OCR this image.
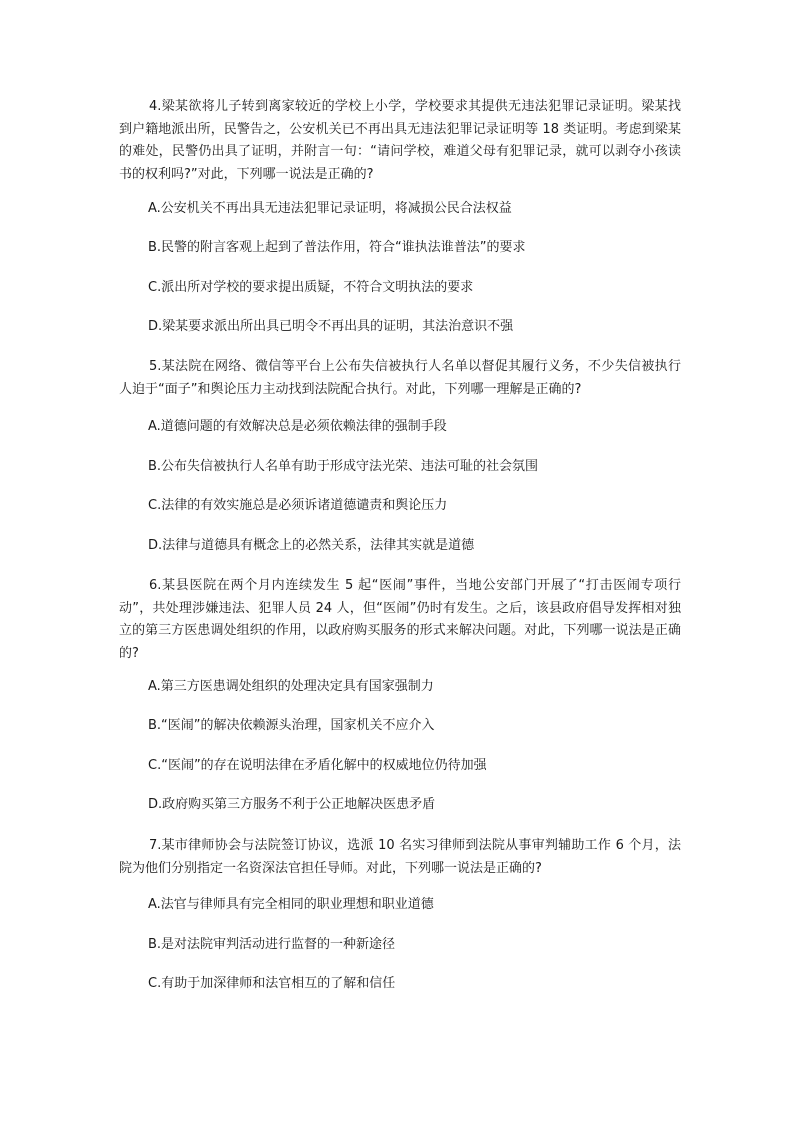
4.梁某欲将儿子转到离家较近的学校上小学，学校要求其提供无违法犯罪记录证明。梁某找到户籍地派出所，民警告之，公安机关已不再出具无违法犯罪记录证明等 18 类证明。考虑到梁某的难处，民警仍出具了证明，并附言一句：“请问学校，难道父母有犯罪记录，就可以剥夺小孩读书的权利吗?”对此，下列哪一说法是正确的?

A.公安机关不再出具无违法犯罪记录证明，将减损公民合法权益

B.民警的附言客观上起到了普法作用，符合“谁执法谁普法”的要求

C.派出所对学校的要求提出质疑，不符合文明执法的要求

D.梁某要求派出所出具已明令不再出具的证明，其法治意识不强

5.某法院在网络、微信等平台上公布失信被执行人名单以督促其履行义务，不少失信被执行人迫于“面子”和舆论压力主动找到法院配合执行。对此，下列哪一理解是正确的?

A.道德问题的有效解决总是必须依赖法律的强制手段

B.公布失信被执行人名单有助于形成守法光荣、违法可耻的社会氛围

C.法律的有效实施总是必须诉诸道德谴责和舆论压力

D.法律与道德具有概念上的必然关系，法律其实就是道德

6.某县医院在两个月内连续发生 5 起“医闹”事件，当地公安部门开展了“打击医闹专项行动”，共处理涉嫌违法、犯罪人员 24 人，但“医闹”仍时有发生。之后，该县政府倡导发挥相对独立的第三方医患调处组织的作用，以政府购买服务的形式来解决问题。对此，下列哪一说法是正确的?

A.第三方医患调处组织的处理决定具有国家强制力

B.“医闹”的解决依赖源头治理，国家机关不应介入

C.“医闹”的存在说明法律在矛盾化解中的权威地位仍待加强

D.政府购买第三方服务不利于公正地解决医患矛盾

7.某市律师协会与法院签订协议，选派 10 名实习律师到法院从事审判辅助工作 6 个月，法院为他们分别指定一名资深法官担任导师。对此，下列哪一说法是正确的?

A.法官与律师具有完全相同的职业理想和职业道德

B.是对法院审判活动进行监督的一种新途径

C.有助于加深律师和法官相互的了解和信任
